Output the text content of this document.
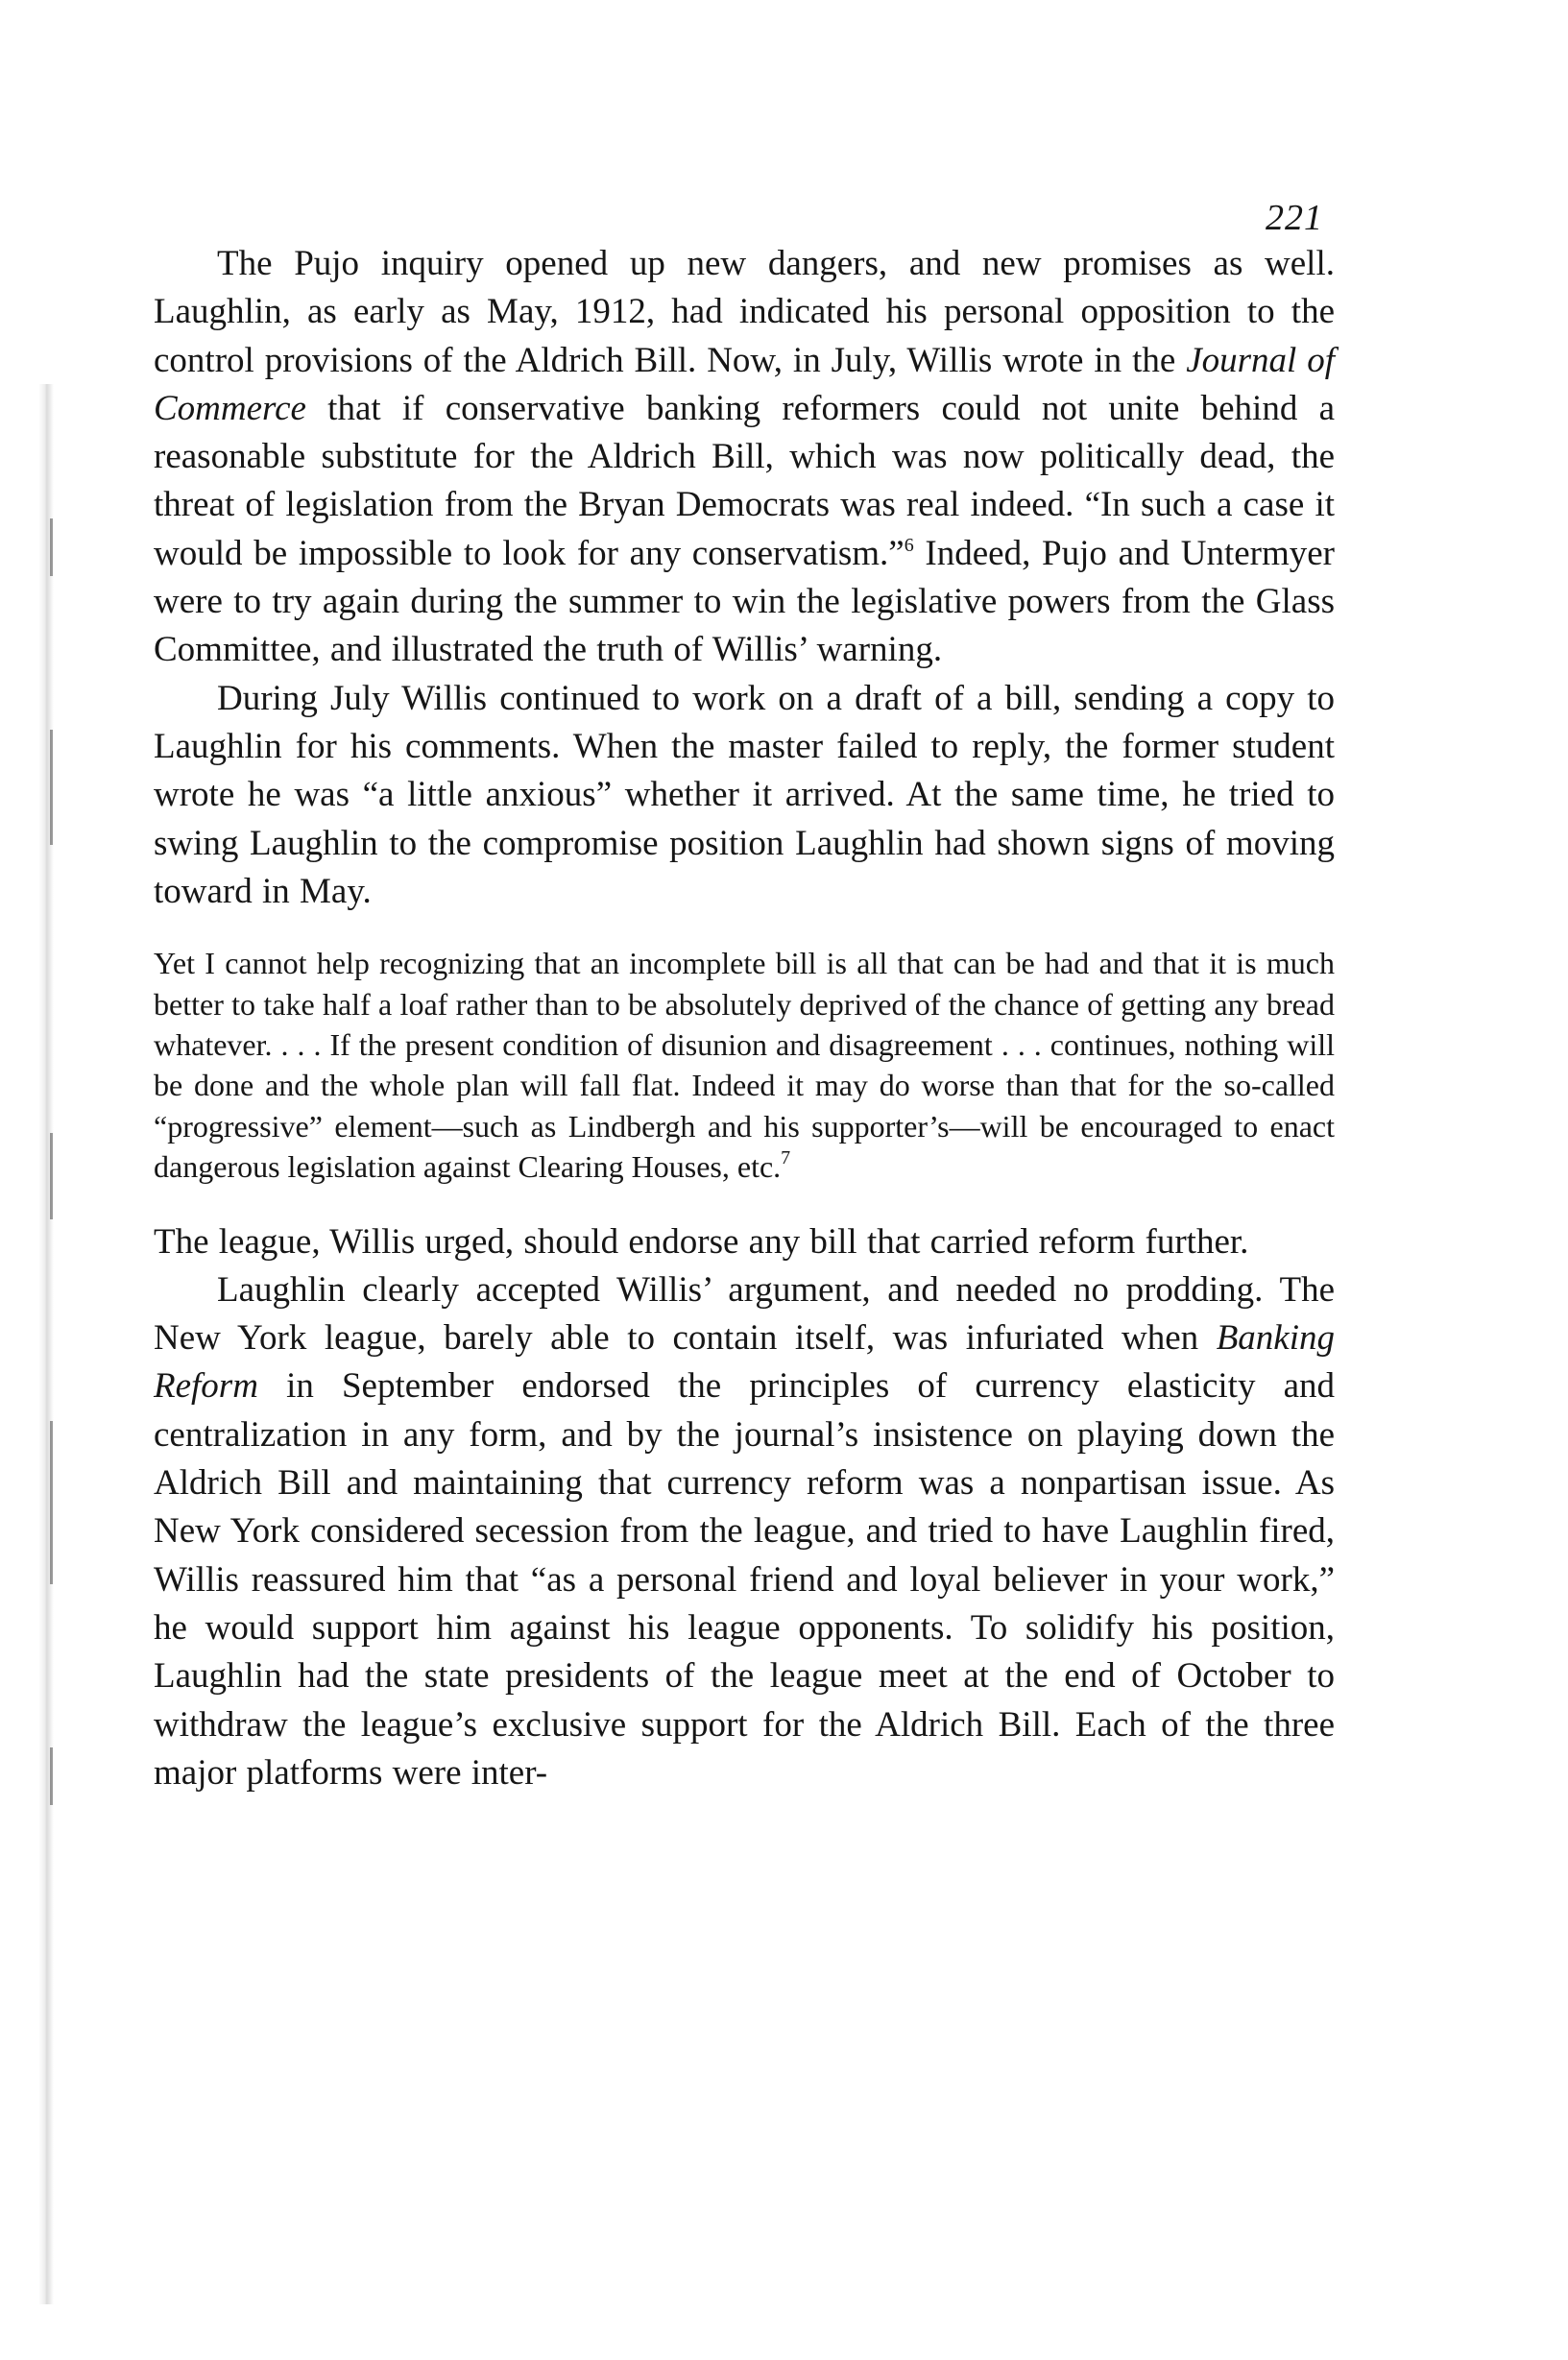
221

The Pujo inquiry opened up new dangers, and new promises as well. Laughlin, as early as May, 1912, had indicated his personal opposition to the control provisions of the Aldrich Bill. Now, in July, Willis wrote in the Journal of Commerce that if conservative banking reformers could not unite behind a reasonable substitute for the Aldrich Bill, which was now politically dead, the threat of legislation from the Bryan Democrats was real indeed. “In such a case it would be impossible to look for any conservatism.”$^6$ Indeed, Pujo and Untermyer were to try again during the summer to win the legislative powers from the Glass Committee, and illustrated the truth of Willis’ warning.

During July Willis continued to work on a draft of a bill, sending a copy to Laughlin for his comments. When the master failed to reply, the former student wrote he was “a little anxious” whether it arrived. At the same time, he tried to swing Laughlin to the compromise position Laughlin had shown signs of moving toward in May.

Yet I cannot help recognizing that an incomplete bill is all that can be had and that it is much better to take half a loaf rather than to be absolutely deprived of the chance of getting any bread whatever. . . . If the present condition of disunion and disagreement . . . continues, nothing will be done and the whole plan will fall flat. Indeed it may do worse than that for the so-called “progressive” element—such as Lindbergh and his supporter’s—will be encouraged to enact dangerous legislation against Clearing Houses, etc.$^7$

The league, Willis urged, should endorse any bill that carried reform further.

Laughlin clearly accepted Willis’ argument, and needed no prodding. The New York league, barely able to contain itself, was infuriated when Banking Reform in September endorsed the principles of currency elasticity and centralization in any form, and by the journal’s insistence on playing down the Aldrich Bill and maintaining that currency reform was a nonpartisan issue. As New York considered secession from the league, and tried to have Laughlin fired, Willis reassured him that “as a personal friend and loyal believer in your work,” he would support him against his league opponents. To solidify his position, Laughlin had the state presidents of the league meet at the end of October to withdraw the league’s exclusive support for the Aldrich Bill. Each of the three major platforms were inter-
